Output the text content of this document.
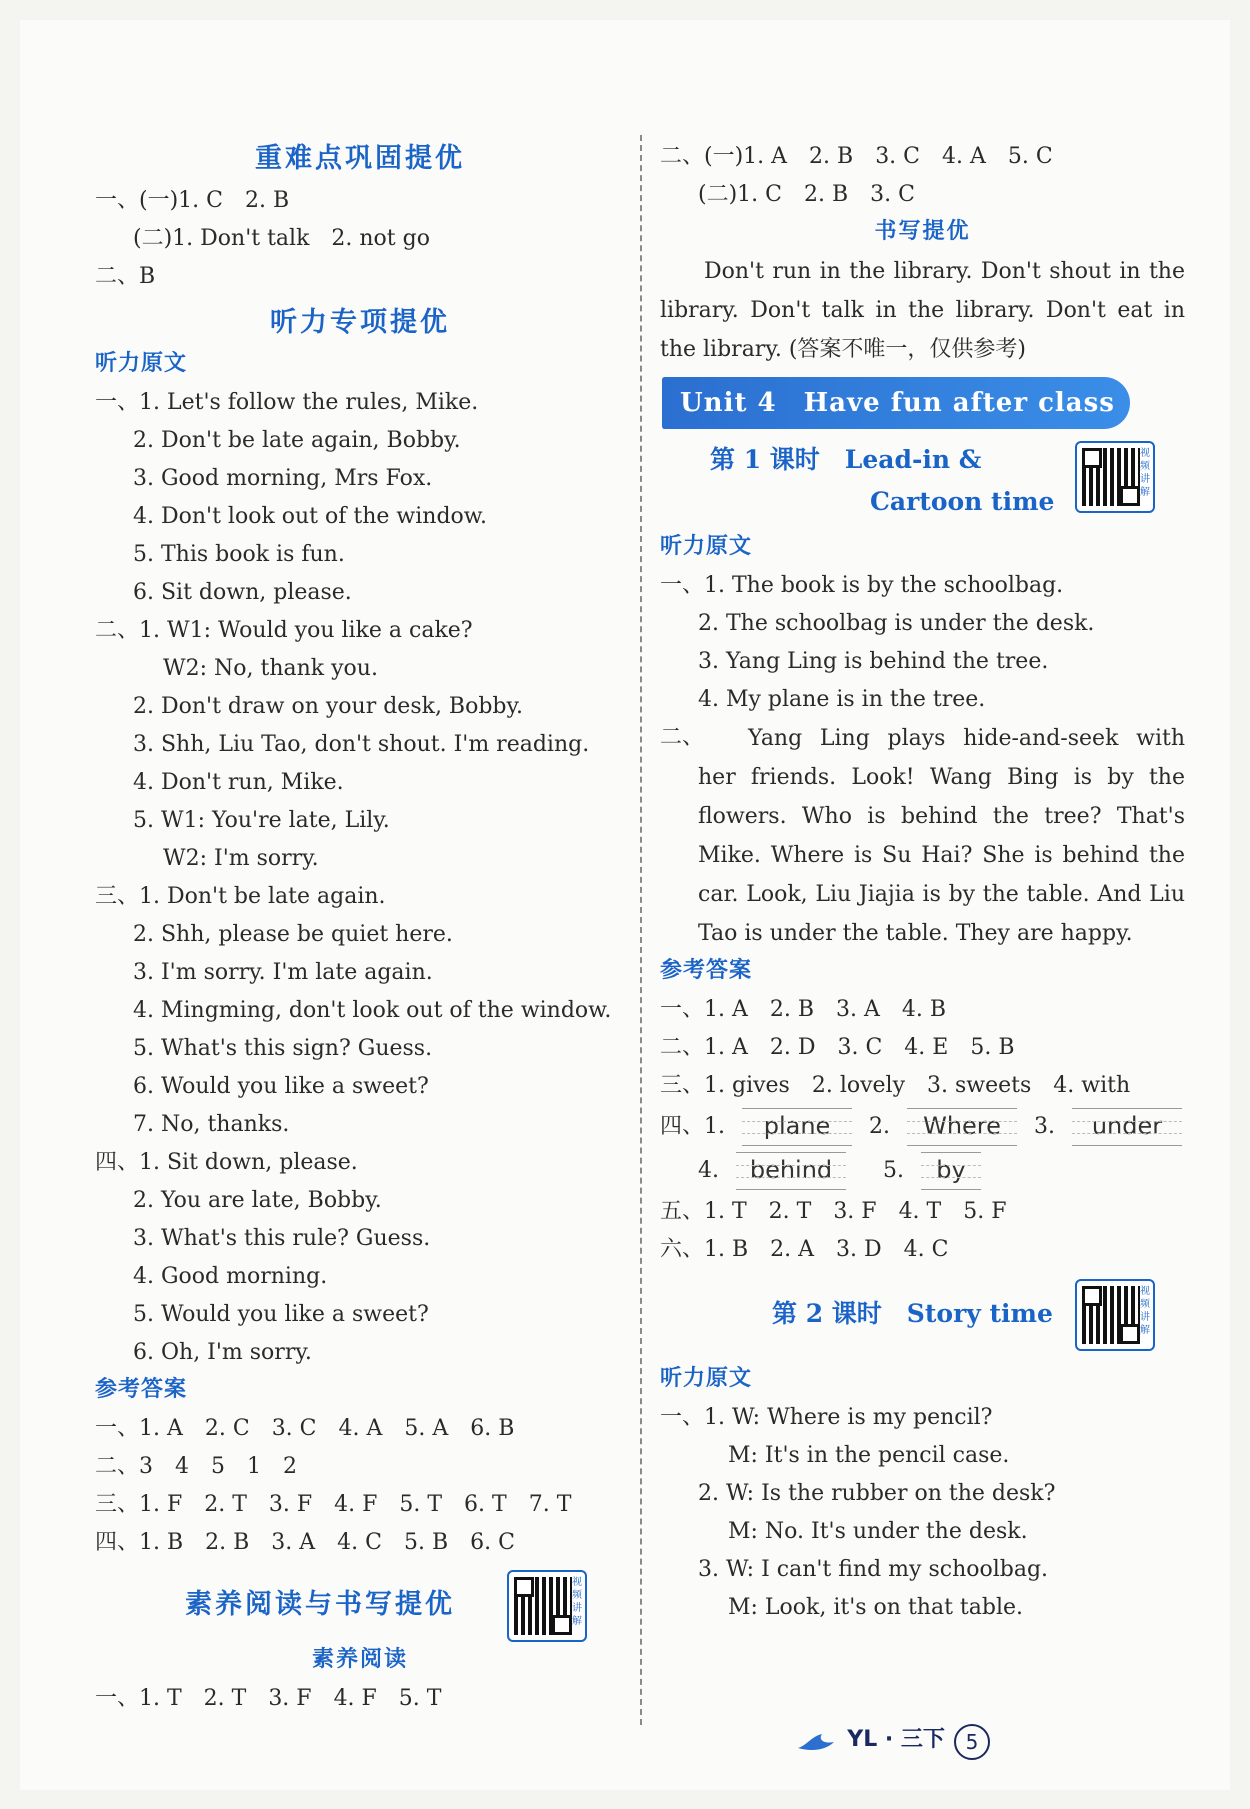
重难点巩固提优
一、(一)1. C　2. B
(二)1. Don't talk　2. not go
二、B
听力专项提优
听力原文
一、1. Let's follow the rules, Mike.
2. Don't be late again, Bobby.
3. Good morning, Mrs Fox.
4. Don't look out of the window.
5. This book is fun.
6. Sit down, please.
二、1. W1: Would you like a cake?
W2: No, thank you.
2. Don't draw on your desk, Bobby.
3. Shh, Liu Tao, don't shout. I'm reading.
4. Don't run, Mike.
5. W1: You're late, Lily.
W2: I'm sorry.
三、1. Don't be late again.
2. Shh, please be quiet here.
3. I'm sorry. I'm late again.
4. Mingming, don't look out of the window.
5. What's this sign? Guess.
6. Would you like a sweet?
7. No, thanks.
四、1. Sit down, please.
2. You are late, Bobby.
3. What's this rule? Guess.
4. Good morning.
5. Would you like a sweet?
6. Oh, I'm sorry.
参考答案
一、1. A　2. C　3. C　4. A　5. A　6. B
二、3　4　5　1　2
三、1. F　2. T　3. F　4. F　5. T　6. T　7. T
四、1. B　2. B　3. A　4. C　5. B　6. C
素养阅读与书写提优
视频讲解
素养阅读
一、1. T　2. T　3. F　4. F　5. T
二、(一)1. A　2. B　3. C　4. A　5. C
(二)1. C　2. B　3. C
书写提优
Don't run in the library. Don't shout in the library. Don't talk in the library. Don't eat in the library. (答案不唯一，仅供参考)
Unit 4　Have fun after class
第 1 课时　Lead-in &
Cartoon time
视频讲解
听力原文
一、1. The book is by the schoolbag.
2. The schoolbag is under the desk.
3. Yang Ling is behind the tree.
4. My plane is in the tree.
二、	Yang Ling plays hide-and-seek with her friends. Look! Wang Bing is by the flowers. Who is behind the tree? That's Mike. Where is Su Hai? She is behind the car. Look, Liu Jiajia is by the table. And Liu Tao is under the table. They are happy.
参考答案
一、1. A　2. B　3. A　4. B
二、1. A　2. D　3. C　4. E　5. B
三、1. gives　2. lovely　3. sweets　4. with
四、1. plane 2. Where 3. under
4. behind 5. by
五、1. T　2. T　3. F　4. T　5. F
六、1. B　2. A　3. D　4. C
第 2 课时　Story time
视频讲解
听力原文
一、1. W: Where is my pencil?
M: It's in the pencil case.
2. W: Is the rubber on the desk?
M: No. It's under the desk.
3. W: I can't find my schoolbag.
M: Look, it's on that table.
YL · 三下 5
